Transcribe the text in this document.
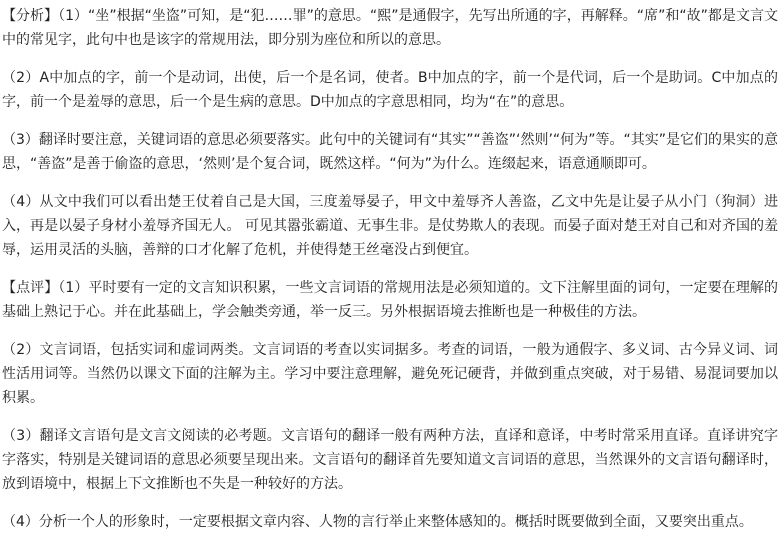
【分析】（1）“坐”根据“坐盗”可知，是“犯……罪”的意思。“熙”是通假字，先写出所通的字，再解释。“席”和“故”都是文言文中的常见字，此句中也是该字的常规用法，即分别为座位和所以的意思。

（2）A中加点的字，前一个是动词，出使，后一个是名词，使者。B中加点的字，前一个是代词，后一个是助词。C中加点的字，前一个是羞辱的意思，后一个是生病的意思。D中加点的字意思相同，均为“在”的意思。

（3）翻译时要注意，关键词语的意思必须要落实。此句中的关键词有“其实”“善盗”‘然则’“何为”等。“其实”是它们的果实的意思，“善盗”是善于偷盗的意思，‘然则’是个复合词，既然这样。“何为”为什么。连缀起来，语意通顺即可。

（4）从文中我们可以看出楚王仗着自己是大国，三度羞辱晏子，甲文中羞辱齐人善盗，乙文中先是让晏子从小门（狗洞）进入，再是以晏子身材小羞辱齐国无人。 可见其嚣张霸道、无事生非。是仗势欺人的表现。而晏子面对楚王对自己和对齐国的羞辱，运用灵活的头脑，善辩的口才化解了危机，并使得楚王丝毫没占到便宜。

【点评】（1）平时要有一定的文言知识积累，一些文言词语的常规用法是必须知道的。文下注解里面的词句，一定要在理解的基础上熟记于心。并在此基础上，学会触类旁通，举一反三。另外根据语境去推断也是一种极佳的方法。

（2）文言词语，包括实词和虚词两类。文言词语的考查以实词据多。考查的词语，一般为通假字、多义词、古今异义词、词性活用词等。当然仍以课文下面的注解为主。学习中要注意理解，避免死记硬背，并做到重点突破，对于易错、易混词要加以积累。

（3）翻译文言语句是文言文阅读的必考题。文言语句的翻译一般有两种方法，直译和意译，中考时常采用直译。直译讲究字字落实，特别是关键词语的意思必须要呈现出来。文言语句的翻译首先要知道文言词语的意思，当然课外的文言语句翻译时，放到语境中，根据上下文推断也不失是一种较好的方法。

（4）分析一个人的形象时，一定要根据文章内容、人物的言行举止来整体感知的。概括时既要做到全面，又要突出重点。
